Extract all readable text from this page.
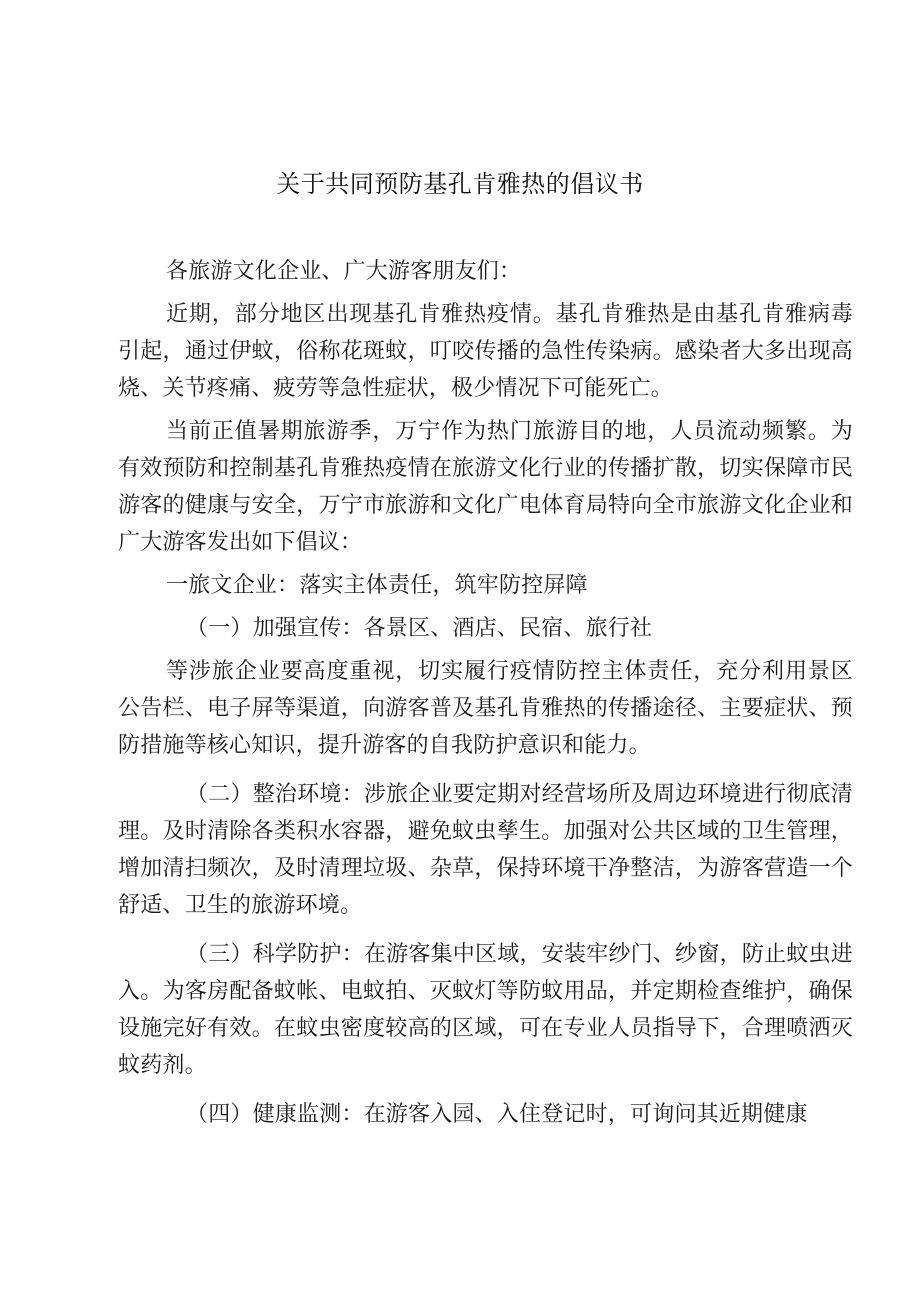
关于共同预防基孔肯雅热的倡议书

各旅游文化企业、广大游客朋友们：

近期，部分地区出现基孔肯雅热疫情。基孔肯雅热是由基孔肯雅病毒引起，通过伊蚊，俗称花斑蚊，叮咬传播的急性传染病。感染者大多出现高烧、关节疼痛、疲劳等急性症状，极少情况下可能死亡。

当前正值暑期旅游季，万宁作为热门旅游目的地，人员流动频繁。为有效预防和控制基孔肯雅热疫情在旅游文化行业的传播扩散，切实保障市民游客的健康与安全，万宁市旅游和文化广电体育局特向全市旅游文化企业和广大游客发出如下倡议：

一旅文企业：落实主体责任，筑牢防控屏障

（一）加强宣传：各景区、酒店、民宿、旅行社

等涉旅企业要高度重视，切实履行疫情防控主体责任，充分利用景区公告栏、电子屏等渠道，向游客普及基孔肯雅热的传播途径、主要症状、预防措施等核心知识，提升游客的自我防护意识和能力。

（二）整治环境：涉旅企业要定期对经营场所及周边环境进行彻底清理。及时清除各类积水容器，避免蚊虫孳生。加强对公共区域的卫生管理，增加清扫频次，及时清理垃圾、杂草，保持环境干净整洁，为游客营造一个舒适、卫生的旅游环境。

（三）科学防护：在游客集中区域，安装牢纱门、纱窗，防止蚊虫进入。为客房配备蚊帐、电蚊拍、灭蚊灯等防蚊用品，并定期检查维护，确保设施完好有效。在蚊虫密度较高的区域，可在专业人员指导下，合理喷洒灭蚊药剂。

（四）健康监测：在游客入园、入住登记时，可询问其近期健康
